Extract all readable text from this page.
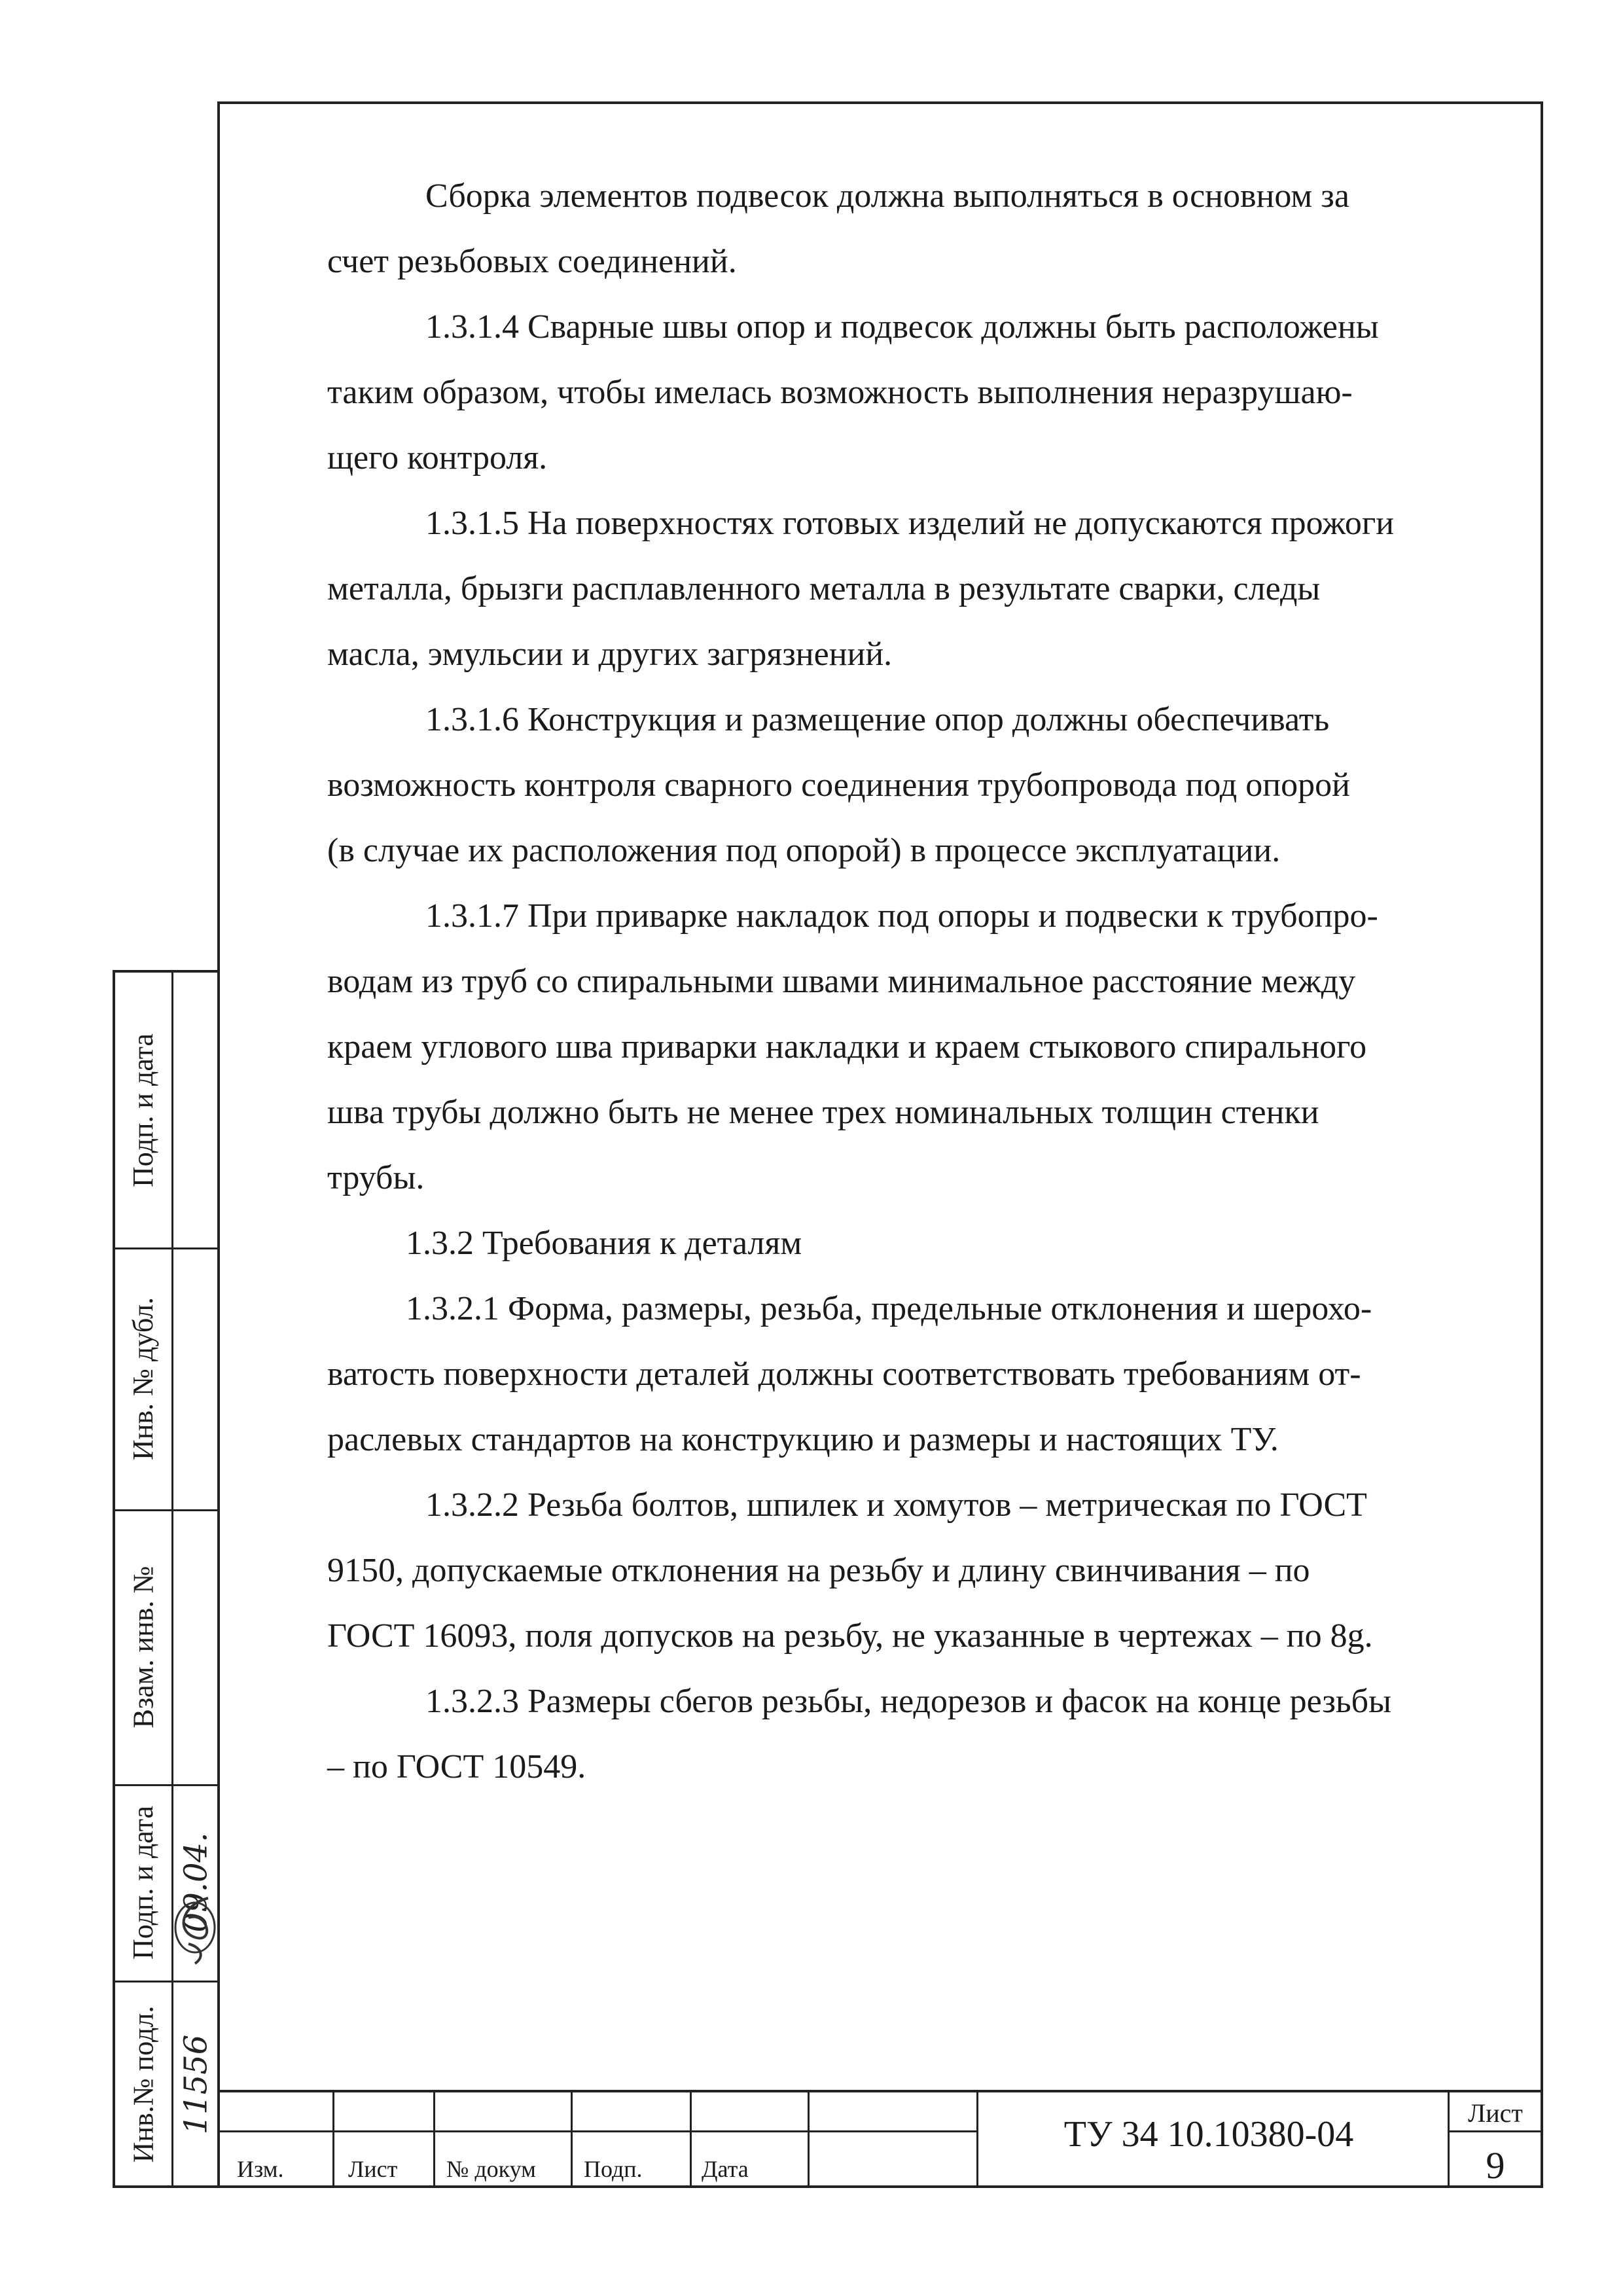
Сборка элементов подвесок должна выполняться в основном за
счет резьбовых соединений.

1.3.1.4 Сварные швы опор и подвесок должны быть расположены
таким образом, чтобы имелась возможность выполнения неразрушаю-
щего контроля.

1.3.1.5 На поверхностях готовых изделий не допускаются прожоги
металла, брызги расплавленного металла в результате сварки, следы
масла, эмульсии и других загрязнений.

1.3.1.6 Конструкция и размещение опор должны обеспечивать
возможность контроля сварного соединения трубопровода под опорой
(в случае их расположения под опорой) в процессе эксплуатации.

1.3.1.7 При приварке накладок под опоры и подвески к трубопро-
водам из труб со спиральными швами минимальное расстояние между
краем углового шва приварки накладки и краем стыкового спирального
шва трубы должно быть не менее трех номинальных толщин стенки
трубы.

1.3.2 Требования к деталям

1.3.2.1 Форма, размеры, резьба, предельные отклонения и шерохо-
ватость поверхности деталей должны соответствовать требованиям от-
раслевых стандартов на конструкцию и размеры и настоящих ТУ.

1.3.2.2 Резьба болтов, шпилек и хомутов – метрическая по ГОСТ
9150, допускаемые отклонения на резьбу и длину свинчивания – по
ГОСТ 16093, поля допусков на резьбу, не указанные в чертежах – по 8g.

1.3.2.3 Размеры сбегов резьбы, недорезов и фасок на конце резьбы
– по ГОСТ 10549.

Подп. и дата
Инв. № дубл.
Взам. инв. №
Подп. и дата
Инв.№ подл.
09.04.
11556
Изм.	Лист № докум Подп.	Дата
ТУ 34 10.10380-04
Лист
9
